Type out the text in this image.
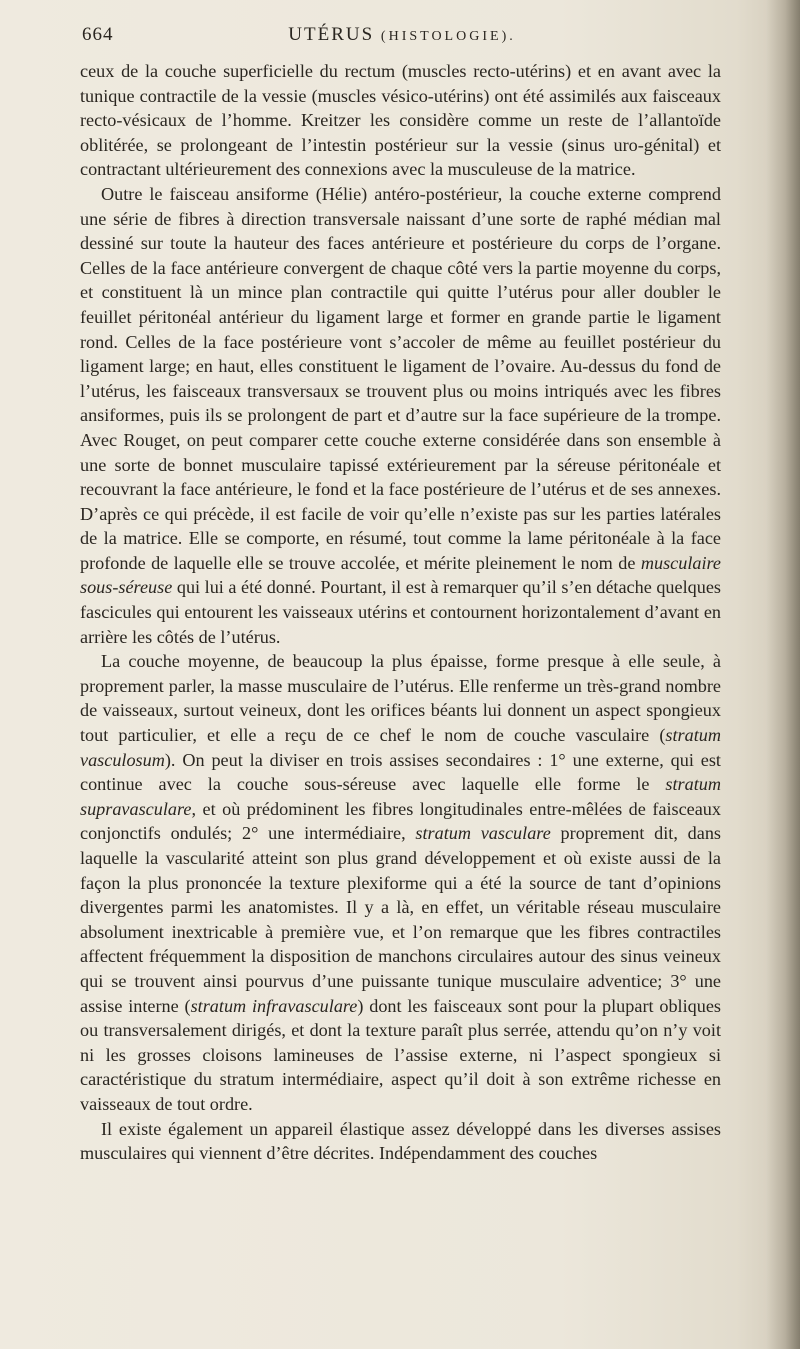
664	UTÉRUS (HISTOLOGIE).

ceux de la couche superficielle du rectum (muscles recto-utérins) et en avant avec la tunique contractile de la vessie (muscles vésico-utérins) ont été assimilés aux faisceaux recto-vésicaux de l’homme. Kreitzer les considère comme un reste de l’allantoïde oblitérée, se prolongeant de l’intestin postérieur sur la vessie (sinus uro-génital) et contractant ultérieurement des connexions avec la musculeuse de la matrice.

Outre le faisceau ansiforme (Hélie) antéro-postérieur, la couche externe comprend une série de fibres à direction transversale naissant d’une sorte de raphé médian mal dessiné sur toute la hauteur des faces antérieure et postérieure du corps de l’organe. Celles de la face antérieure convergent de chaque côté vers la partie moyenne du corps, et constituent là un mince plan contractile qui quitte l’utérus pour aller doubler le feuillet péritonéal antérieur du ligament large et former en grande partie le ligament rond. Celles de la face postérieure vont s’accoler de même au feuillet postérieur du ligament large; en haut, elles constituent le ligament de l’ovaire. Au-dessus du fond de l’utérus, les faisceaux transversaux se trouvent plus ou moins intriqués avec les fibres ansiformes, puis ils se prolongent de part et d’autre sur la face supérieure de la trompe. Avec Rouget, on peut comparer cette couche externe considérée dans son ensemble à une sorte de bonnet musculaire tapissé extérieurement par la séreuse péritonéale et recouvrant la face antérieure, le fond et la face postérieure de l’utérus et de ses annexes. D’après ce qui précède, il est facile de voir qu’elle n’existe pas sur les parties latérales de la matrice. Elle se comporte, en résumé, tout comme la lame péritonéale à la face profonde de laquelle elle se trouve accolée, et mérite pleinement le nom de musculaire sous-séreuse qui lui a été donné. Pourtant, il est à remarquer qu’il s’en détache quelques fascicules qui entourent les vaisseaux utérins et contournent horizontalement d’avant en arrière les côtés de l’utérus.

La couche moyenne, de beaucoup la plus épaisse, forme presque à elle seule, à proprement parler, la masse musculaire de l’utérus. Elle renferme un très-grand nombre de vaisseaux, surtout veineux, dont les orifices béants lui donnent un aspect spongieux tout particulier, et elle a reçu de ce chef le nom de couche vasculaire (stratum vasculosum). On peut la diviser en trois assises secondaires : 1° une externe, qui est continue avec la couche sous-séreuse avec laquelle elle forme le stratum supravasculare, et où prédominent les fibres longitudinales entre-mêlées de faisceaux conjonctifs ondulés; 2° une intermédiaire, stratum vasculare proprement dit, dans laquelle la vascularité atteint son plus grand développement et où existe aussi de la façon la plus prononcée la texture plexiforme qui a été la source de tant d’opinions divergentes parmi les anatomistes. Il y a là, en effet, un véritable réseau musculaire absolument inextricable à première vue, et l’on remarque que les fibres contractiles affectent fréquemment la disposition de manchons circulaires autour des sinus veineux qui se trouvent ainsi pourvus d’une puissante tunique musculaire adventice; 3° une assise interne (stratum infravasculare) dont les faisceaux sont pour la plupart obliques ou transversalement dirigés, et dont la texture paraît plus serrée, attendu qu’on n’y voit ni les grosses cloisons lamineuses de l’assise externe, ni l’aspect spongieux si caractéristique du stratum intermédiaire, aspect qu’il doit à son extrême richesse en vaisseaux de tout ordre.

Il existe également un appareil élastique assez développé dans les diverses assises musculaires qui viennent d’être décrites. Indépendamment des couches
